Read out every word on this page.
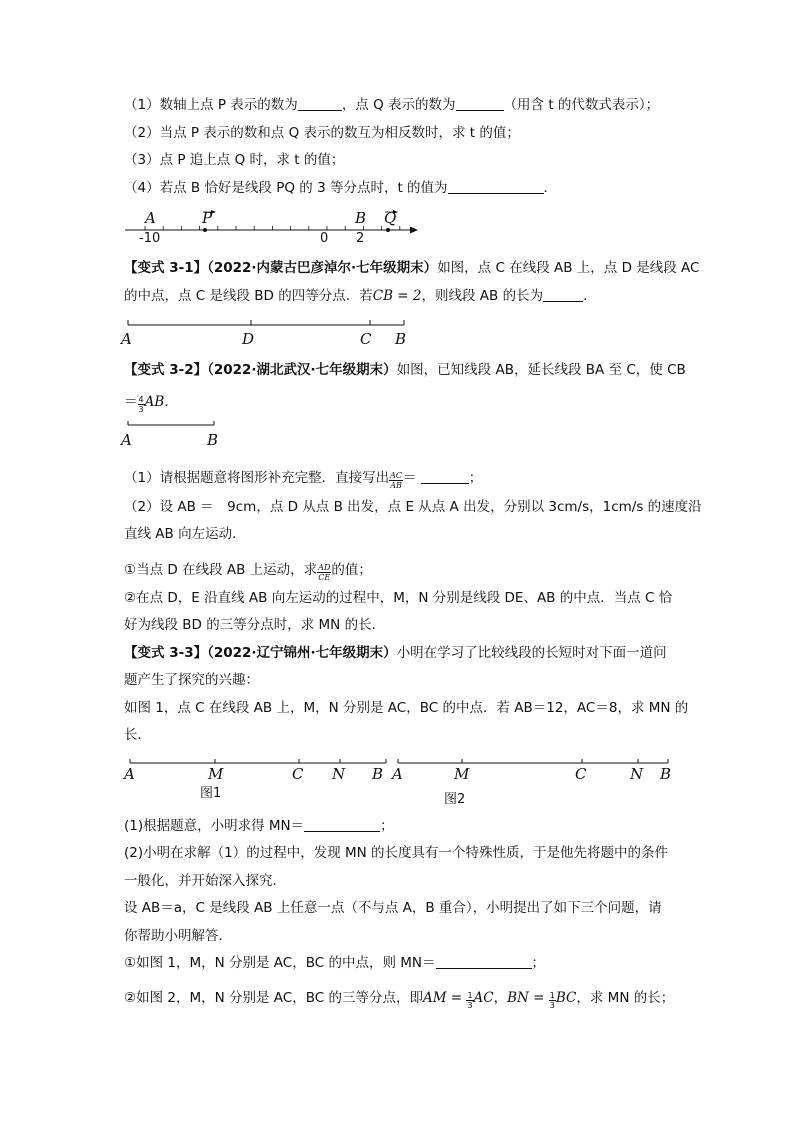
（1）数轴上点 P 表示的数为	，点 Q 表示的数为	（用含 t 的代数式表示）；
（2）当点 P 表示的数和点 Q 表示的数互为相反数时，求 t 的值；
（3）点 P 追上点 Q 时，求 t 的值；
（4）若点 B 恰好是线段 PQ 的 3 等分点时，t 的值为	．
A	P	B Q
-10	0 2
【变式 3-1】（2022·内蒙古巴彦淖尔·七年级期末）如图，点 C 在线段 AB 上，点 D 是线段 AC
的中点，点 C 是线段 BD 的四等分点．若CB = 2，则线段 AB 的长为	．
A	D	C B
【变式 3-2】（2022·湖北武汉·七年级期末）如图，已知线段 AB，延长线段 BA 至 C，使 CB
＝ $\frac{4}{3}$ AB．
A	B
（1）请根据题意将图形补充完整．直接写出 $\frac{AC}{AB}$ ＝	；
（2）设 AB ＝　9cm，点 D 从点 B 出发，点 E 从点 A 出发，分别以 3cm/s，1cm/s 的速度沿
直线 AB 向左运动．
①当点 D 在线段 AB 上运动，求 $\frac{AD}{CE}$ 的值；
②在点 D，E 沿直线 AB 向左运动的过程中，M，N 分别是线段 DE、AB 的中点．当点 C 恰
好为线段 BD 的三等分点时，求 MN 的长．
【变式 3-3】（2022·辽宁锦州·七年级期末）小明在学习了比较线段的长短时对下面一道问
题产生了探究的兴趣：
如图 1，点 C 在线段 AB 上，M，N 分别是 AC，BC 的中点．若 AB＝12，AC＝8，求 MN 的
长．
A	M	C N B
图1
A	M	C	N B
图2
(1)根据题意，小明求得 MN＝	；
(2)小明在求解（1）的过程中，发现 MN 的长度具有一个特殊性质，于是他先将题中的条件
一般化，并开始深入探究．
设 AB＝a，C 是线段 AB 上任意一点（不与点 A，B 重合），小明提出了如下三个问题，请
你帮助小明解答．
①如图 1，M，N 分别是 AC，BC 的中点，则 MN＝	；
②如图 2，M，N 分别是 AC，BC 的三等分点，即AM = $\frac{1}{3}$ AC，BN = $\frac{1}{3}$ BC，求 MN 的长；
